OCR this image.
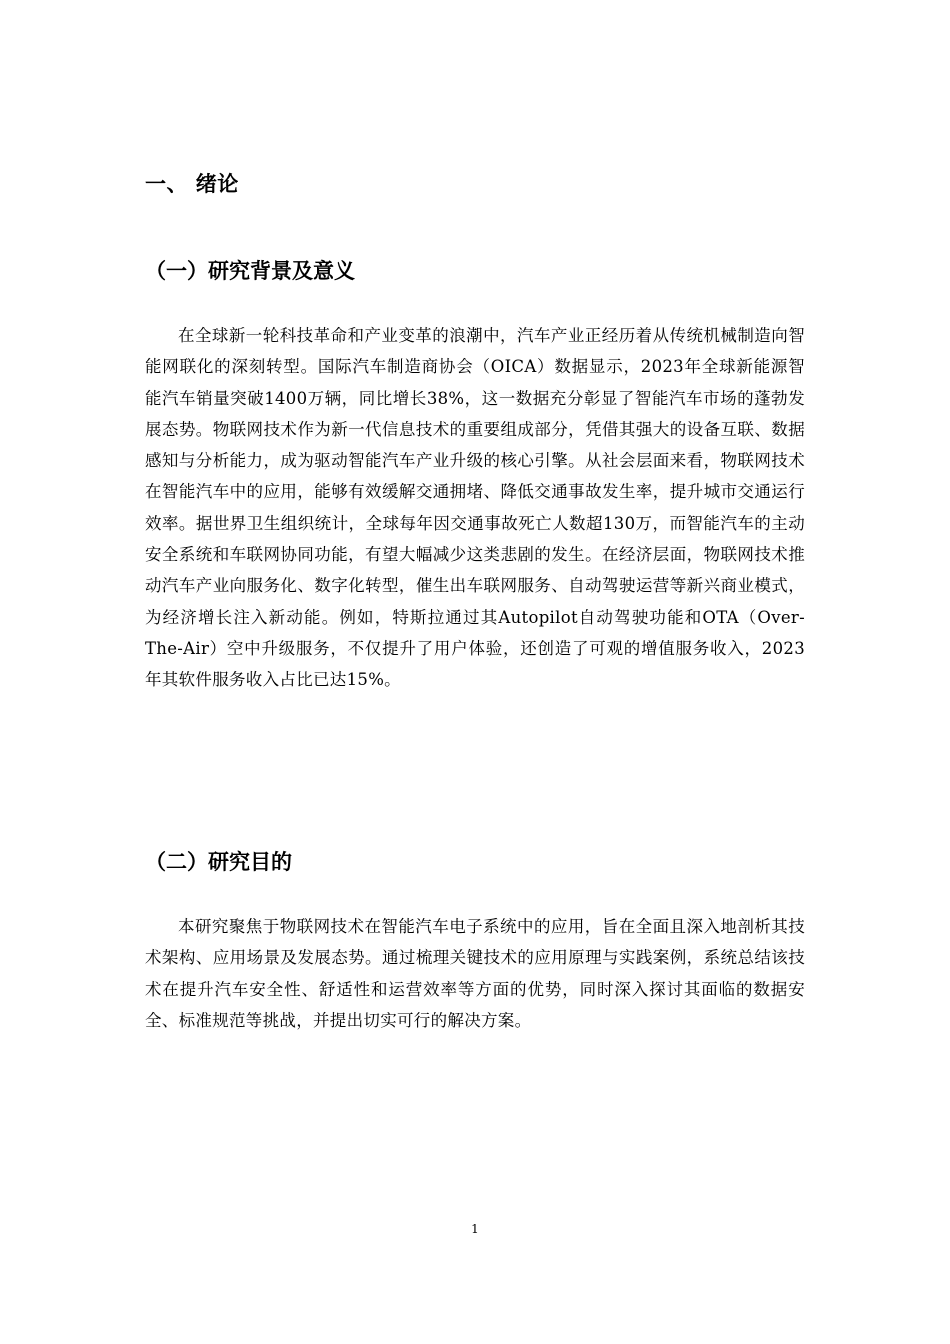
一、 绪论
（一）研究背景及意义

在全球新一轮科技革命和产业变革的浪潮中，汽车产业正经历着从传统机械制造向智能网联化的深刻转型。国际汽车制造商协会（OICA）数据显示，2023年全球新能源智能汽车销量突破1400万辆，同比增长38%，这一数据充分彰显了智能汽车市场的蓬勃发展态势。物联网技术作为新一代信息技术的重要组成部分，凭借其强大的设备互联、数据感知与分析能力，成为驱动智能汽车产业升级的核心引擎。从社会层面来看，物联网技术在智能汽车中的应用，能够有效缓解交通拥堵、降低交通事故发生率，提升城市交通运行效率。据世界卫生组织统计，全球每年因交通事故死亡人数超130万，而智能汽车的主动安全系统和车联网协同功能，有望大幅减少这类悲剧的发生。在经济层面，物联网技术推动汽车产业向服务化、数字化转型，催生出车联网服务、自动驾驶运营等新兴商业模式，为经济增长注入新动能。例如，特斯拉通过其Autopilot自动驾驶功能和OTA（Over-The-Air）空中升级服务，不仅提升了用户体验，还创造了可观的增值服务收入，2023年其软件服务收入占比已达15%。

（二）研究目的

本研究聚焦于物联网技术在智能汽车电子系统中的应用，旨在全面且深入地剖析其技术架构、应用场景及发展态势。通过梳理关键技术的应用原理与实践案例，系统总结该技术在提升汽车安全性、舒适性和运营效率等方面的优势，同时深入探讨其面临的数据安全、标准规范等挑战，并提出切实可行的解决方案。

1
